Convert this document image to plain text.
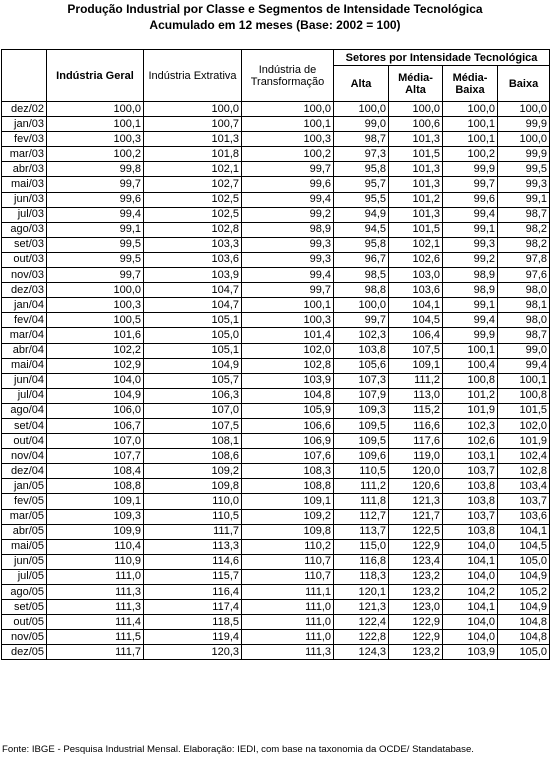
Produção Industrial por Classe e Segmentos de Intensidade Tecnológica
Acumulado em 12 meses (Base: 2002 = 100)
	Indústria Geral	Indústria Extrativa	Indústria de Transformação	Setores por Intensidade Tecnológica			
				Alta	Média-Alta	Média-Baixa	Baixa
dez/02	100,0	100,0	100,0	100,0	100,0	100,0	100,0
jan/03	100,1	100,7	100,1	99,0	100,6	100,1	99,9
fev/03	100,3	101,3	100,3	98,7	101,3	100,1	100,0
mar/03	100,2	101,8	100,2	97,3	101,5	100,2	99,9
abr/03	99,8	102,1	99,7	95,8	101,3	99,9	99,5
mai/03	99,7	102,7	99,6	95,7	101,3	99,7	99,3
jun/03	99,6	102,5	99,4	95,5	101,2	99,6	99,1
jul/03	99,4	102,5	99,2	94,9	101,3	99,4	98,7
ago/03	99,1	102,8	98,9	94,5	101,5	99,1	98,2
set/03	99,5	103,3	99,3	95,8	102,1	99,3	98,2
out/03	99,5	103,6	99,3	96,7	102,6	99,2	97,8
nov/03	99,7	103,9	99,4	98,5	103,0	98,9	97,6
dez/03	100,0	104,7	99,7	98,8	103,6	98,9	98,0
jan/04	100,3	104,7	100,1	100,0	104,1	99,1	98,1
fev/04	100,5	105,1	100,3	99,7	104,5	99,4	98,0
mar/04	101,6	105,0	101,4	102,3	106,4	99,9	98,7
abr/04	102,2	105,1	102,0	103,8	107,5	100,1	99,0
mai/04	102,9	104,9	102,8	105,6	109,1	100,4	99,4
jun/04	104,0	105,7	103,9	107,3	111,2	100,8	100,1
jul/04	104,9	106,3	104,8	107,9	113,0	101,2	100,8
ago/04	106,0	107,0	105,9	109,3	115,2	101,9	101,5
set/04	106,7	107,5	106,6	109,5	116,6	102,3	102,0
out/04	107,0	108,1	106,9	109,5	117,6	102,6	101,9
nov/04	107,7	108,6	107,6	109,6	119,0	103,1	102,4
dez/04	108,4	109,2	108,3	110,5	120,0	103,7	102,8
jan/05	108,8	109,8	108,8	111,2	120,6	103,8	103,4
fev/05	109,1	110,0	109,1	111,8	121,3	103,8	103,7
mar/05	109,3	110,5	109,2	112,7	121,7	103,7	103,6
abr/05	109,9	111,7	109,8	113,7	122,5	103,8	104,1
mai/05	110,4	113,3	110,2	115,0	122,9	104,0	104,5
jun/05	110,9	114,6	110,7	116,8	123,4	104,1	105,0
jul/05	111,0	115,7	110,7	118,3	123,2	104,0	104,9
ago/05	111,3	116,4	111,1	120,1	123,2	104,2	105,2
set/05	111,3	117,4	111,0	121,3	123,0	104,1	104,9
out/05	111,4	118,5	111,0	122,4	122,9	104,0	104,8
nov/05	111,5	119,4	111,0	122,8	122,9	104,0	104,8
dez/05	111,7	120,3	111,3	124,3	123,2	103,9	105,0
Fonte: IBGE - Pesquisa Industrial Mensal. Elaboração: IEDI, com base na taxonomia da OCDE/ Standatabase.
